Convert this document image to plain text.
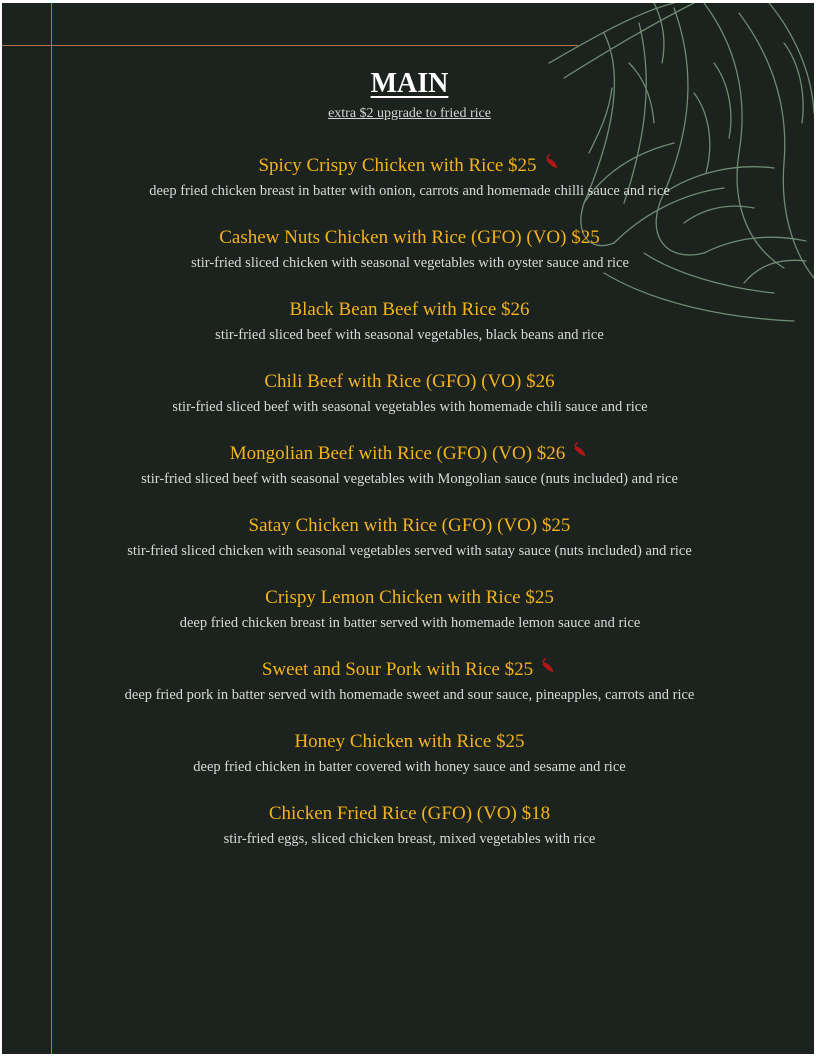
MAIN

extra $2 upgrade to fried rice

Spicy Crispy Chicken with Rice $25

deep fried chicken breast in batter with onion, carrots and homemade chilli sauce and rice

Cashew Nuts Chicken with Rice (GFO) (VO) $25

stir-fried sliced chicken with seasonal vegetables with oyster sauce and rice

Black Bean Beef with Rice $26

stir-fried sliced beef with seasonal vegetables, black beans and rice

Chili Beef with Rice (GFO) (VO) $26

stir-fried sliced beef with seasonal vegetables with homemade chili sauce and rice

Mongolian Beef with Rice (GFO) (VO) $26

stir-fried sliced beef with seasonal vegetables with Mongolian sauce (nuts included) and rice

Satay Chicken with Rice (GFO) (VO) $25

stir-fried sliced chicken with seasonal vegetables served with satay sauce (nuts included) and rice

Crispy Lemon Chicken with Rice $25

deep fried chicken breast in batter served with homemade lemon sauce and rice

Sweet and Sour Pork with Rice $25

deep fried pork in batter served with homemade sweet and sour sauce, pineapples, carrots and rice

Honey Chicken with Rice $25

deep fried chicken in batter covered with honey sauce and sesame and rice

Chicken Fried Rice (GFO) (VO) $18

stir-fried eggs, sliced chicken breast, mixed vegetables with rice
